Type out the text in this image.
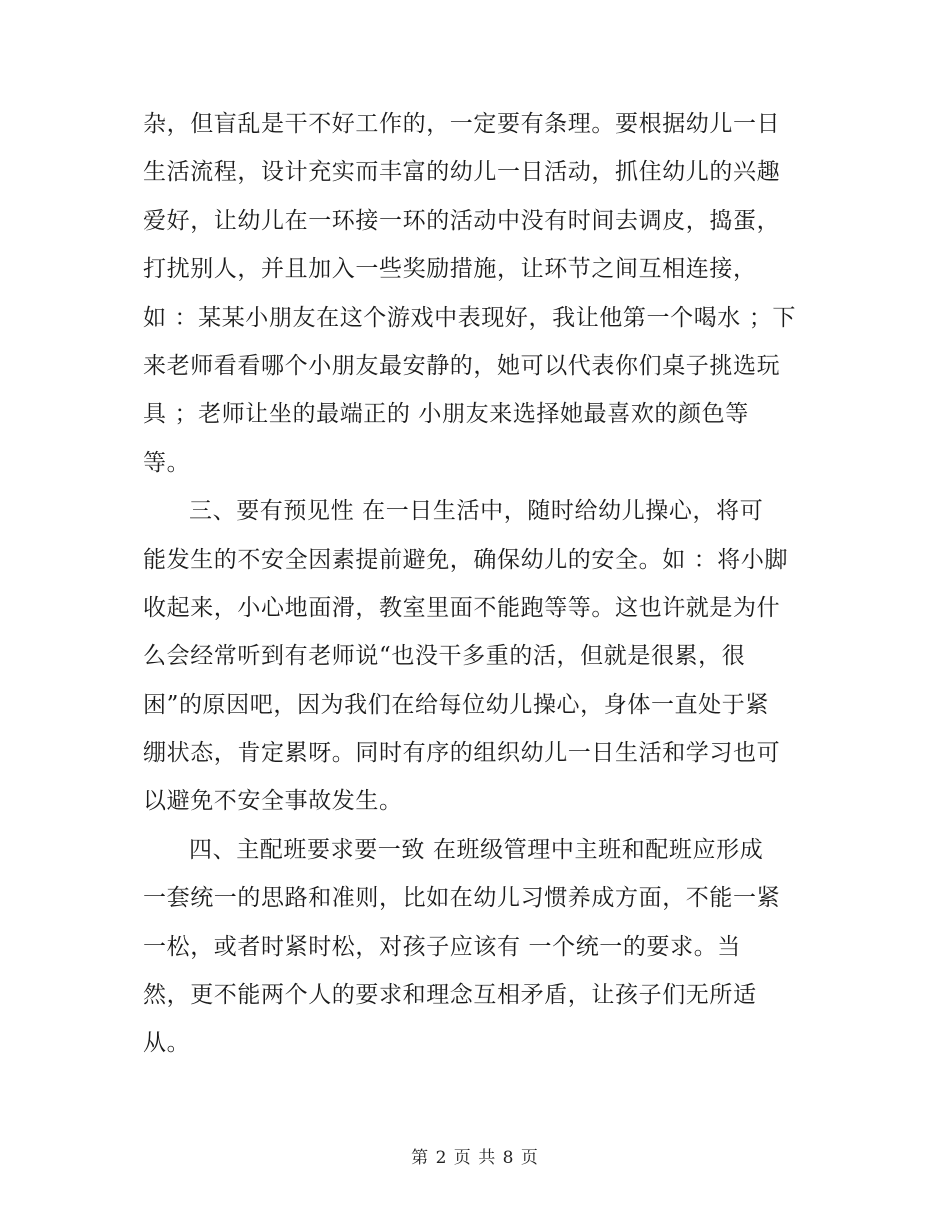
杂，但盲乱是干不好工作的，一定要有条理。要根据幼儿一日
生活流程，设计充实而丰富的幼儿一日活动，抓住幼儿的兴趣
爱好，让幼儿在一环接一环的活动中没有时间去调皮，捣蛋，
打扰别人，并且加入一些奖励措施，让环节之间互相连接，
如 ：某某小朋友在这个游戏中表现好，我让他第一个喝水 ；下
来老师看看哪个小朋友最安静的，她可以代表你们桌子挑选玩
具 ；老师让坐的最端正的 小朋友来选择她最喜欢的颜色等
等。
三、要有预见性 在一日生活中，随时给幼儿操心，将可
能发生的不安全因素提前避免，确保幼儿的安全。如 ：将小脚
收起来，小心地面滑，教室里面不能跑等等。这也许就是为什
么会经常听到有老师说“也没干多重的活，但就是很累，很
困”的原因吧，因为我们在给每位幼儿操心，身体一直处于紧
绷状态，肯定累呀。同时有序的组织幼儿一日生活和学习也可
以避免不安全事故发生。
四、主配班要求要一致 在班级管理中主班和配班应形成
一套统一的思路和准则，比如在幼儿习惯养成方面，不能一紧
一松，或者时紧时松，对孩子应该有 一个统一的要求。当
然，更不能两个人的要求和理念互相矛盾，让孩子们无所适
从。
第 2 页 共 8 页
